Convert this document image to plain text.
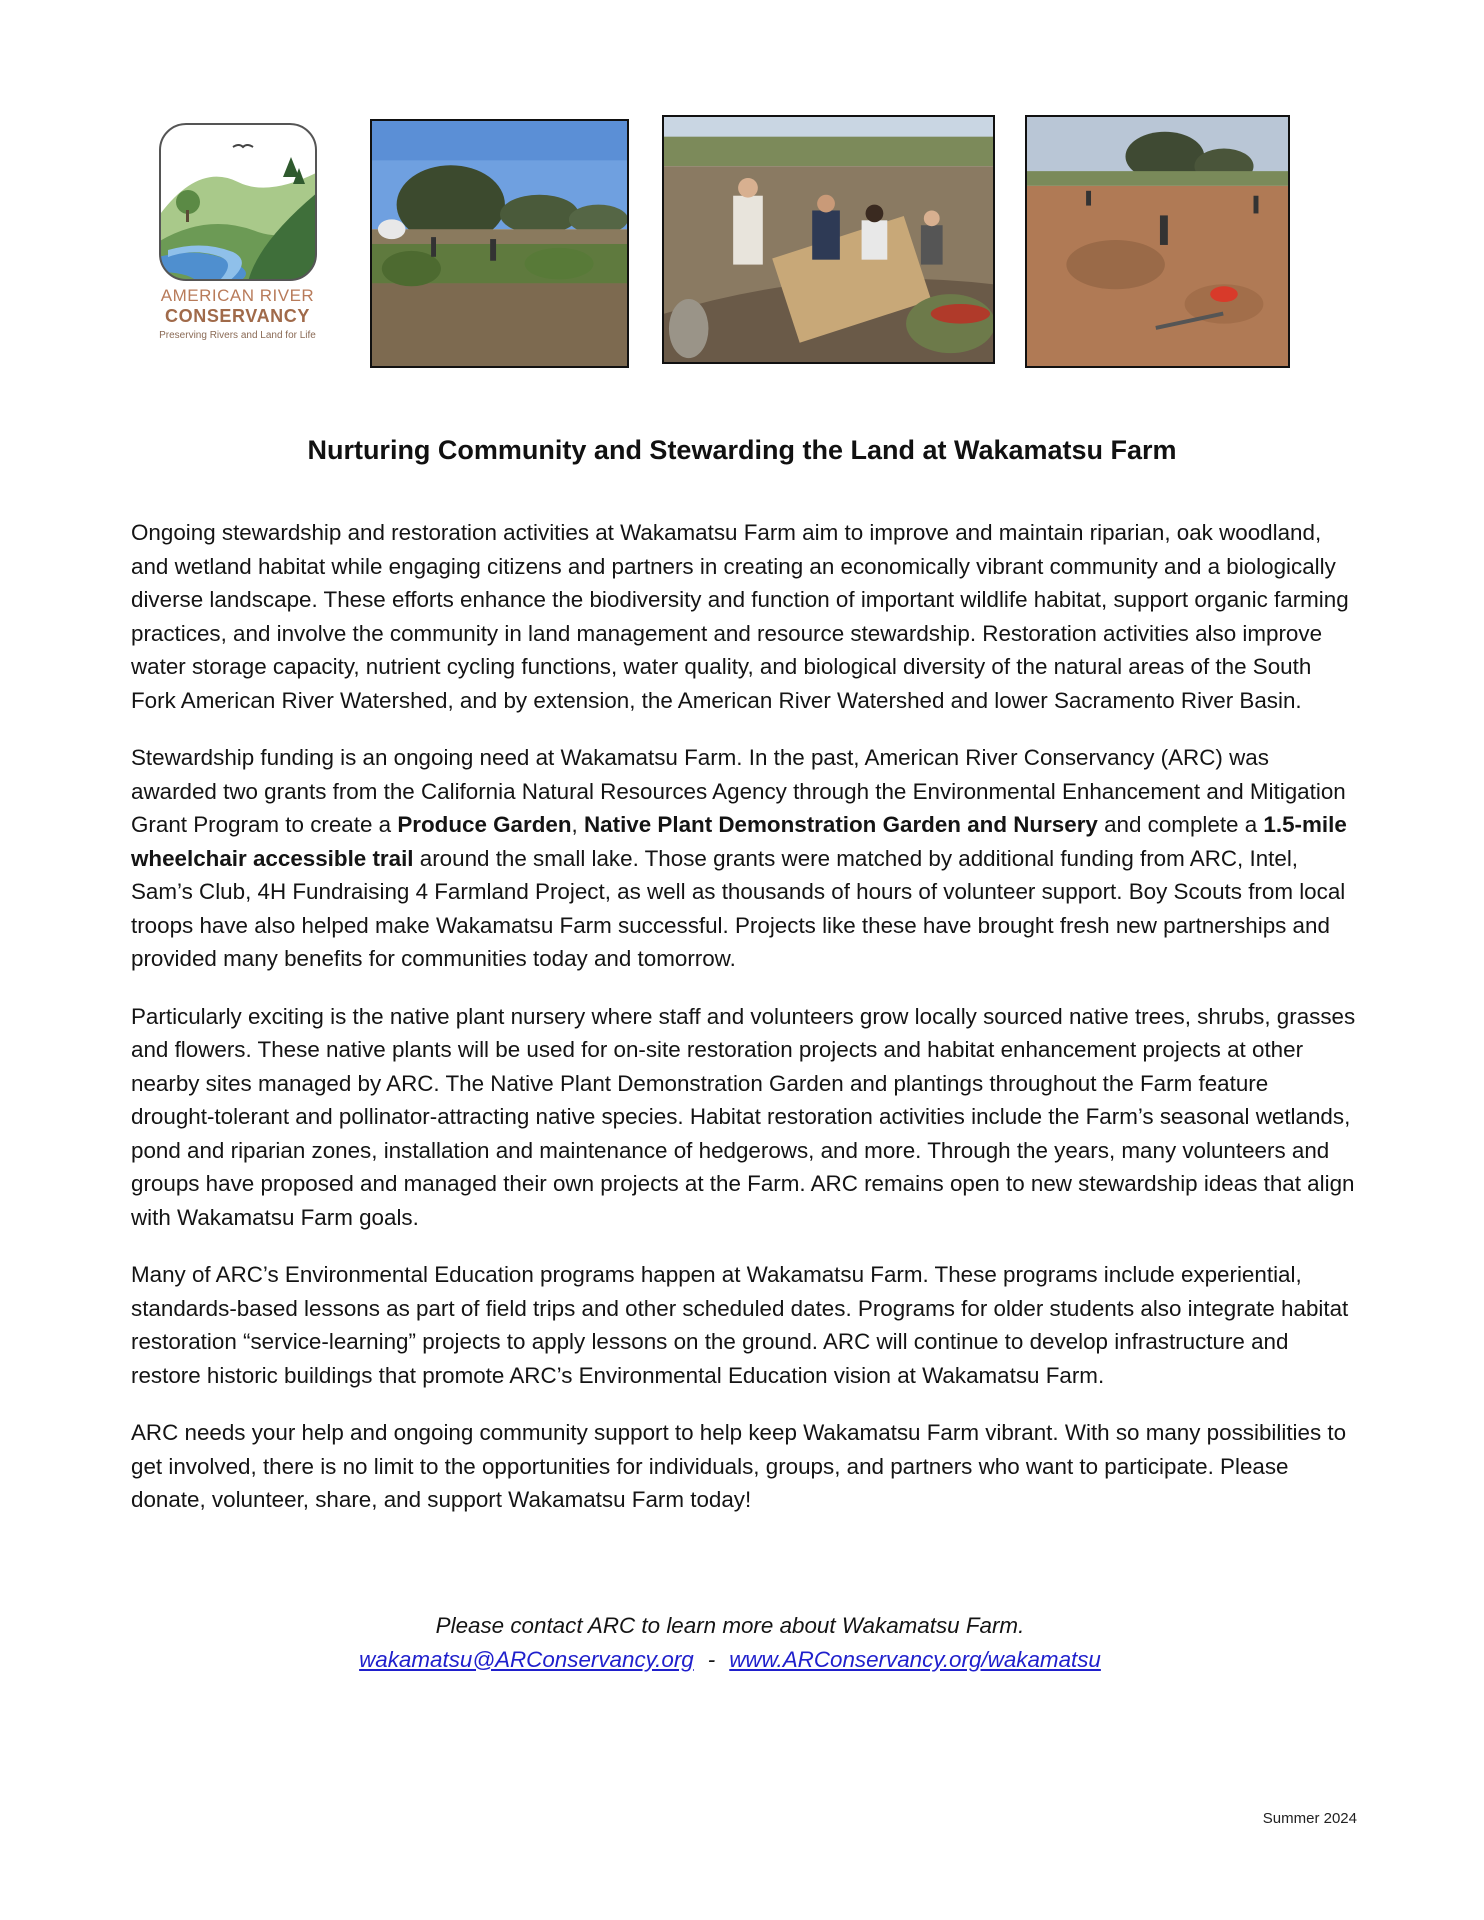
AMERICAN RIVER
CONSERVANCY
Preserving Rivers and Land for Life
Nurturing Community and Stewarding the Land at Wakamatsu Farm

Ongoing stewardship and restoration activities at Wakamatsu Farm aim to improve and maintain riparian, oak woodland, and wetland habitat while engaging citizens and partners in creating an economically vibrant community and a biologically diverse landscape. These efforts enhance the biodiversity and function of important wildlife habitat, support organic farming practices, and involve the community in land management and resource stewardship. Restoration activities also improve water storage capacity, nutrient cycling functions, water quality, and biological diversity of the natural areas of the South Fork American River Watershed, and by extension, the American River Watershed and lower Sacramento River Basin.

Stewardship funding is an ongoing need at Wakamatsu Farm. In the past, American River Conservancy (ARC) was awarded two grants from the California Natural Resources Agency through the Environmental Enhancement and Mitigation Grant Program to create a Produce Garden, Native Plant Demonstration Garden and Nursery and complete a 1.5-mile wheelchair accessible trail around the small lake. Those grants were matched by additional funding from ARC, Intel, Sam’s Club, 4H Fundraising 4 Farmland Project, as well as thousands of hours of volunteer support. Boy Scouts from local troops have also helped make Wakamatsu Farm successful. Projects like these have brought fresh new partnerships and provided many benefits for communities today and tomorrow.

Particularly exciting is the native plant nursery where staff and volunteers grow locally sourced native trees, shrubs, grasses and flowers. These native plants will be used for on-site restoration projects and habitat enhancement projects at other nearby sites managed by ARC. The Native Plant Demonstration Garden and plantings throughout the Farm feature drought-tolerant and pollinator-attracting native species. Habitat restoration activities include the Farm’s seasonal wetlands, pond and riparian zones, installation and maintenance of hedgerows, and more. Through the years, many volunteers and groups have proposed and managed their own projects at the Farm. ARC remains open to new stewardship ideas that align with Wakamatsu Farm goals.

Many of ARC’s Environmental Education programs happen at Wakamatsu Farm. These programs include experiential, standards-based lessons as part of field trips and other scheduled dates. Programs for older students also integrate habitat restoration “service-learning” projects to apply lessons on the ground. ARC will continue to develop infrastructure and restore historic buildings that promote ARC’s Environmental Education vision at Wakamatsu Farm.

ARC needs your help and ongoing community support to help keep Wakamatsu Farm vibrant. With so many possibilities to get involved, there is no limit to the opportunities for individuals, groups, and partners who want to participate. Please donate, volunteer, share, and support Wakamatsu Farm today!

Please contact ARC to learn more about Wakamatsu Farm.
wakamatsu@ARConservancy.org - www.ARConservancy.org/wakamatsu
Summer 2024
